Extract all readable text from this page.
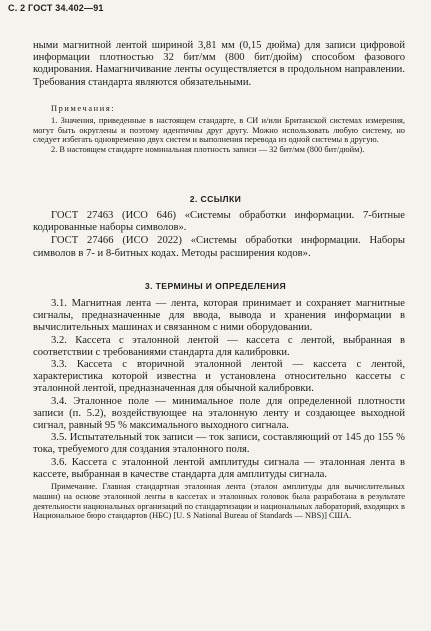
С. 2 ГОСТ 34.402—91

ными магнитной лентой шириной 3,81 мм (0,15 дюйма) для записи цифровой информации плотностью 32 бит/мм (800 бит/дюйм) способом фазового кодирования. Намагничивание ленты осуществляется в продольном направлении. Требования стандарта являются обязательными.

Примечания:

1. Значения, приведенные в настоящем стандарте, в СИ и/или Британской системах измерения, могут быть округлены и поэтому идентичны друг другу. Можно использовать любую систему, но следует избегать одновременно двух систем и выполнения перевода из одной системы в другую.

2. В настоящем стандарте номинальная плотность записи — 32 бит/мм (800 бит/дюйм).

2. ССЫЛКИ

ГОСТ 27463 (ИСО 646) «Системы обработки информации. 7-битные кодированные наборы символов».

ГОСТ 27466 (ИСО 2022) «Системы обработки информации. Наборы символов в 7- и 8-битных кодах. Методы расширения кодов».

3. ТЕРМИНЫ И ОПРЕДЕЛЕНИЯ

3.1. Магнитная лента — лента, которая принимает и сохраняет магнитные сигналы, предназначенные для ввода, вывода и хранения информации в вычислительных машинах и связанном с ними оборудовании.

3.2. Кассета с эталонной лентой — кассета с лентой, выбранная в соответствии с требованиями стандарта для калибровки.

3.3. Кассета с вторичной эталонной лентой — кассета с лентой, характеристика которой известна и установлена относительно кассеты с эталонной лентой, предназначенная для обычной калибровки.

3.4. Эталонное поле — минимальное поле для определенной плотности записи (п. 5.2), воздействующее на эталонную ленту и создающее выходной сигнал, равный 95 % максимального выходного сигнала.

3.5. Испытательный ток записи — ток записи, составляющий от 145 до 155 % тока, требуемого для создания эталонного поля.

3.6. Кассета с эталонной лентой амплитуды сигнала — эталонная лента в кассете, выбранная в качестве стандарта для амплитуды сигнала.

Примечание. Главная стандартная эталонная лента (эталон амплитуды для вычислительных машин) на основе эталонной ленты в кассетах и эталонных головок была разработана в результате деятельности национальных организаций по стандартизации и национальных лабораторий, входящих в Национальное бюро стандартов (НБС) [U. S National Bureau of Standards — NBS)] США.
